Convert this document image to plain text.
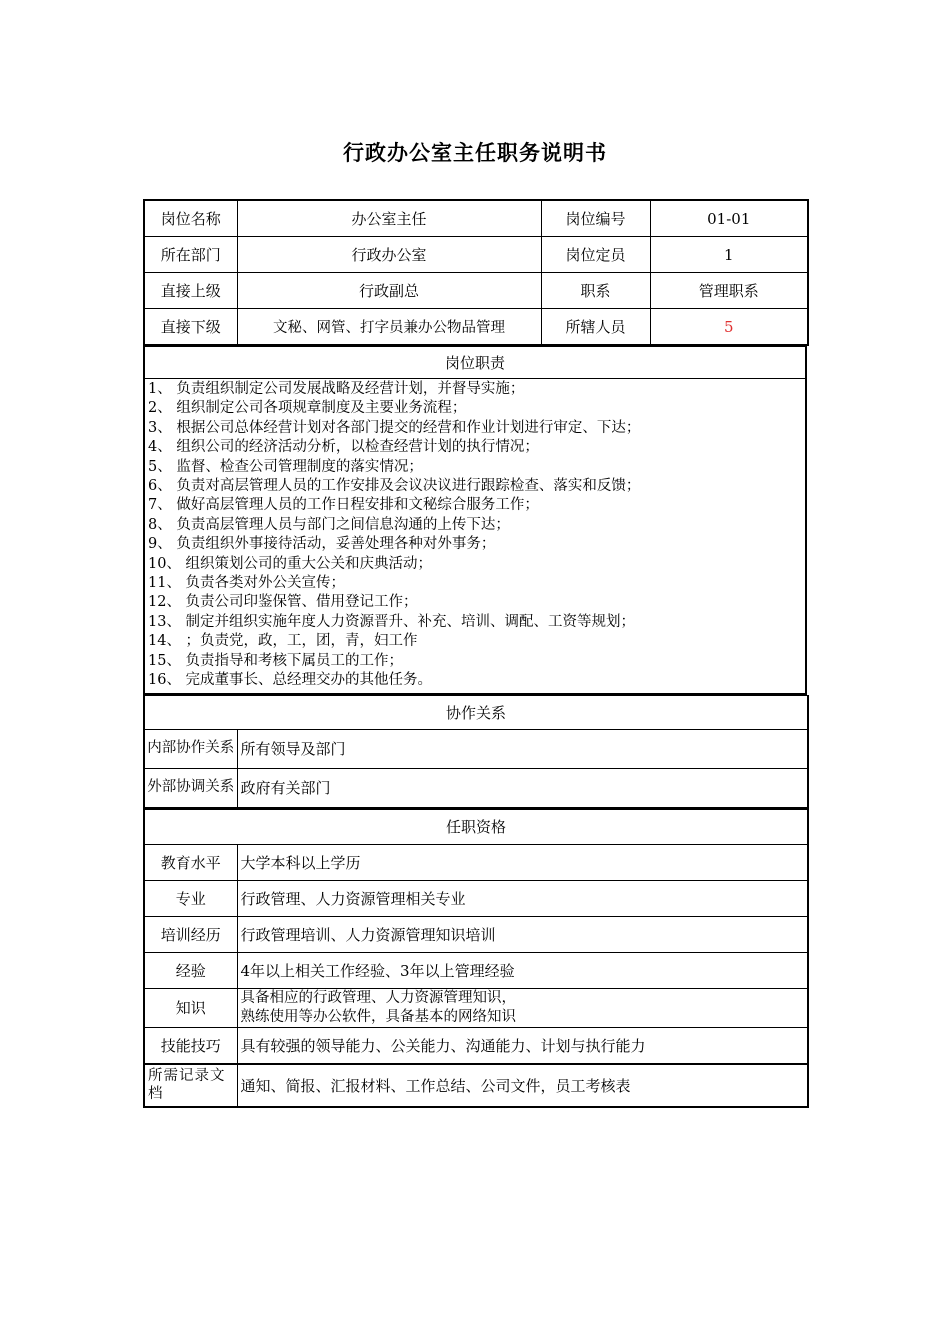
行政办公室主任职务说明书
岗位名称	办公室主任	岗位编号	01-01
所在部门	行政办公室	岗位定员	1
直接上级	行政副总	职系	管理职系
直接下级	文秘、网管、打字员兼办公物品管理	所辖人员	5
岗位职责

1、 负责组织制定公司发展战略及经营计划，并督导实施；
2、 组织制定公司各项规章制度及主要业务流程；
3、 根据公司总体经营计划对各部门提交的经营和作业计划进行审定、下达；
4、 组织公司的经济活动分析，以检查经营计划的执行情况；
5、 监督、检查公司管理制度的落实情况；
6、 负责对高层管理人员的工作安排及会议决议进行跟踪检查、落实和反馈；
7、 做好高层管理人员的工作日程安排和文秘综合服务工作；
8、 负责高层管理人员与部门之间信息沟通的上传下达；
9、 负责组织外事接待活动，妥善处理各种对外事务；
10、 组织策划公司的重大公关和庆典活动；
11、 负责各类对外公关宣传；
12、 负责公司印鉴保管、借用登记工作；
13、 制定并组织实施年度人力资源晋升、补充、培训、调配、工资等规划；
14、 ；负责党，政，工，团，青，妇工作
15、 负责指导和考核下属员工的工作；
16、 完成董事长、总经理交办的其他任务。
协作关系	
内部协作关系	所有领导及部门
外部协调关系	政府有关部门
任职资格	
教育水平	大学本科以上学历
专业	行政管理、人力资源管理相关专业
培训经历	行政管理培训、人力资源管理知识培训
经验	4年以上相关工作经验、3年以上管理经验
知识	具备相应的行政管理、人力资源管理知识，
熟练使用等办公软件，具备基本的网络知识

技能技巧	具有较强的领导能力、公关能力、沟通能力、计划与执行能力
所需记录文档	通知、简报、汇报材料、工作总结、公司文件，员工考核表
